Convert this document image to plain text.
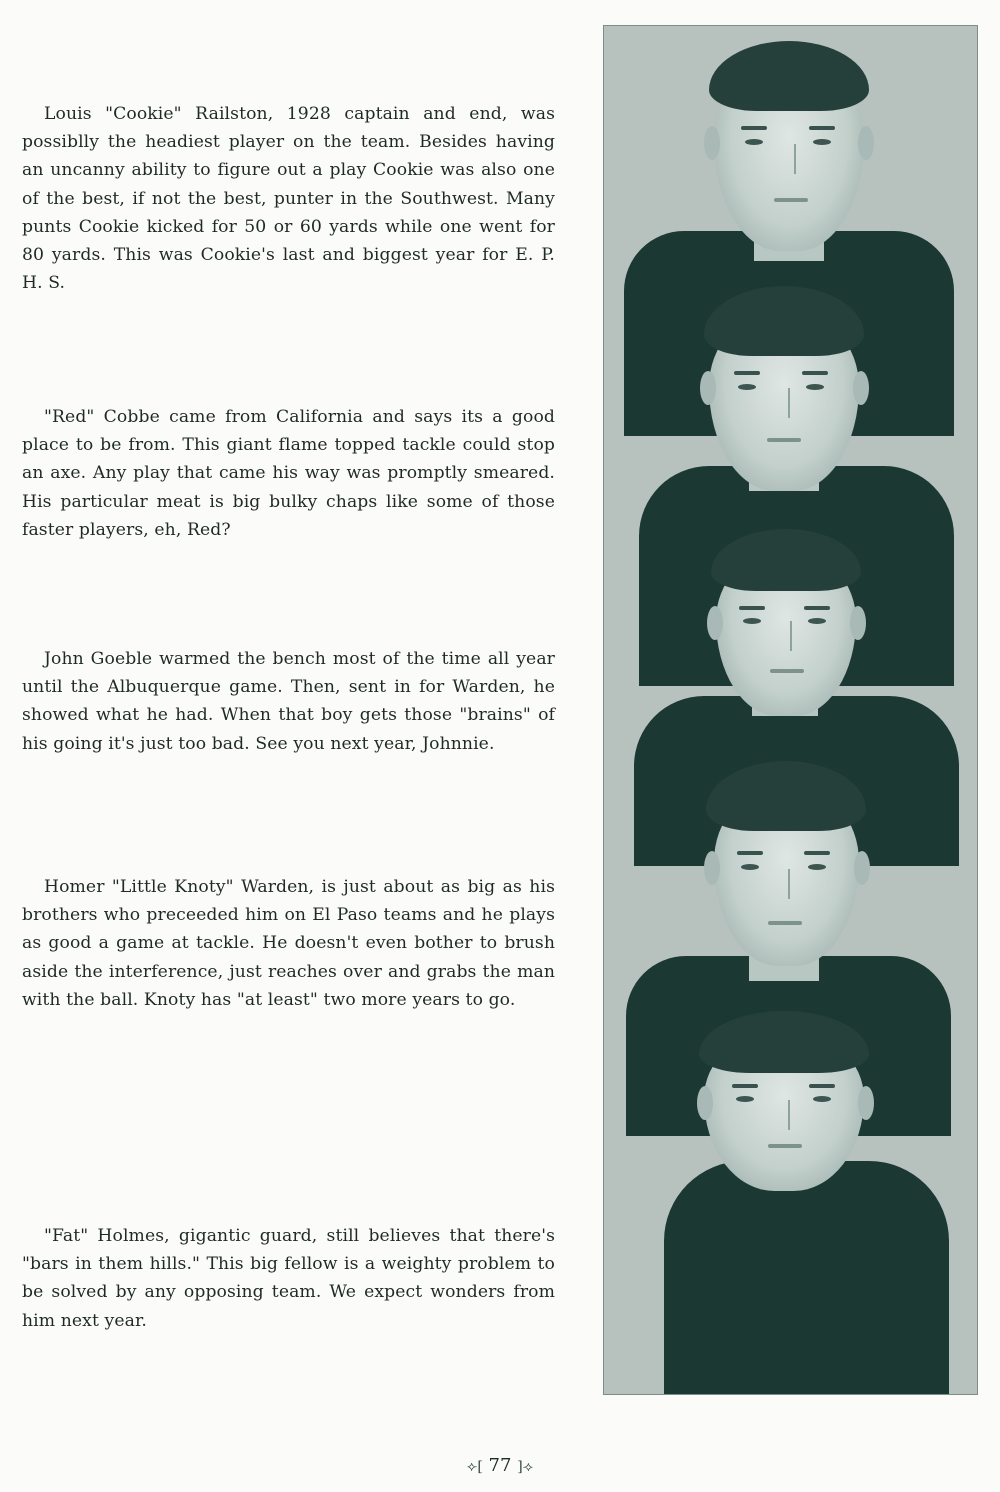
Louis "Cookie" Railston, 1928 captain and end, was possiblly the headiest player on the team. Besides having an uncanny ability to figure out a play Cookie was also one of the best, if not the best, punter in the Southwest. Many punts Cookie kicked for 50 or 60 yards while one went for 80 yards. This was Cookie's last and biggest year for E. P. H. S.

"Red" Cobbe came from California and says its a good place to be from. This giant flame topped tackle could stop an axe. Any play that came his way was promptly smeared. His particular meat is big bulky chaps like some of those faster players, eh, Red?

John Goeble warmed the bench most of the time all year until the Albuquerque game. Then, sent in for Warden, he showed what he had. When that boy gets those "brains" of his going it's just too bad. See you next year, Johnnie.

Homer "Little Knoty" Warden, is just about as big as his brothers who preceeded him on El Paso teams and he plays as good a game at tackle. He doesn't even bother to brush aside the interference, just reaches over and grabs the man with the ball. Knoty has "at least" two more years to go.

"Fat" Holmes, gigantic guard, still believes that there's "bars in them hills." This big fellow is a weighty problem to be solved by any opposing team. We expect wonders from him next year.

⟣[ 77 ]⟢
